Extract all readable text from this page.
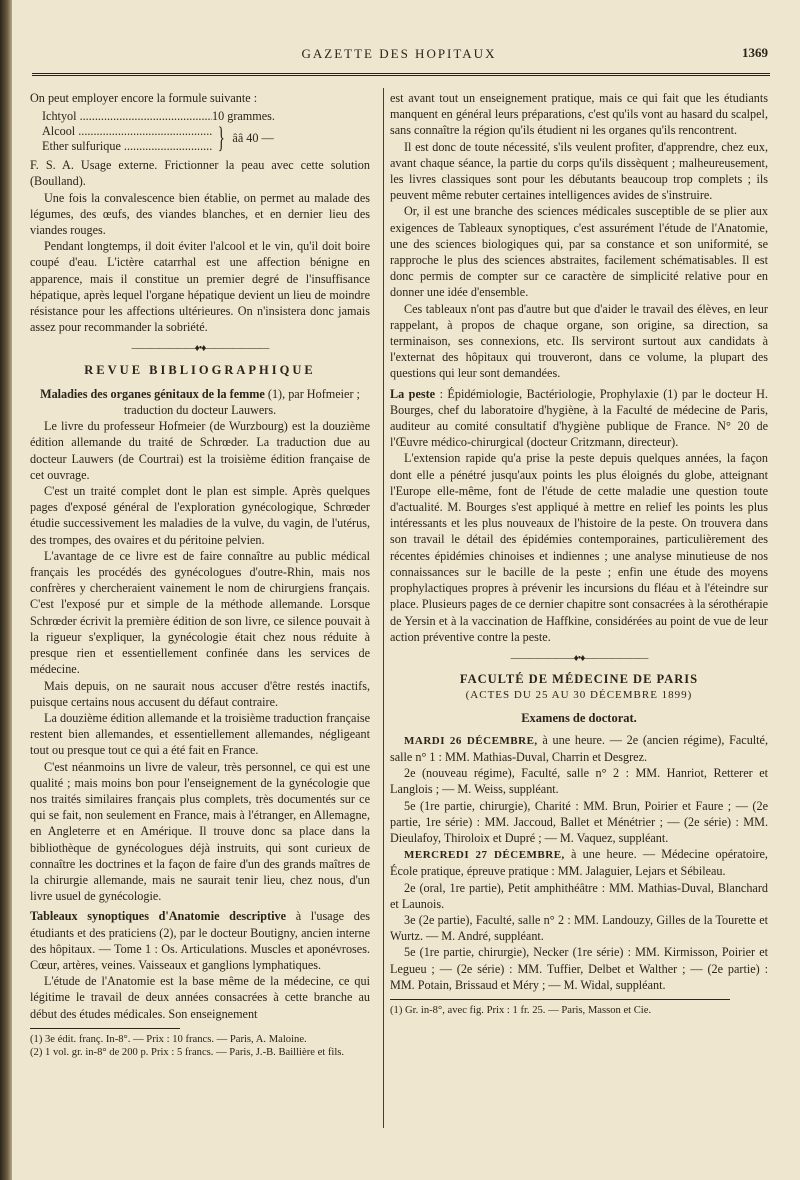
GAZETTE DES HOPITAUX	1369

On peut employer encore la formule suivante :

Ichtyol .....	10 grammes.
Alcool .....
Ether sulfurique .....	} ââ 40 —

F. S. A. Usage externe. Frictionner la peau avec cette solution (Boulland).

Une fois la convalescence bien établie, on permet au malade des légumes, des œufs, des viandes blanches, et en dernier lieu des viandes rouges.

Pendant longtemps, il doit éviter l'alcool et le vin, qu'il doit boire coupé d'eau. L'ictère catarrhal est une affection bénigne en apparence, mais il constitue un premier degré de l'insuffisance hépatique, après lequel l'organe hépatique devient un lieu de moindre résistance pour les affections ultérieures. On n'insistera donc jamais assez pour recommander la sobriété.

———————♦•♦———————
REVUE BIBLIOGRAPHIQUE

Maladies des organes génitaux de la femme (1), par Hofmeier ; traduction du docteur Lauwers.

Le livre du professeur Hofmeier (de Wurzbourg) est la douzième édition allemande du traité de Schrœder. La traduction due au docteur Lauwers (de Courtrai) est la troisième édition française de cet ouvrage.

C'est un traité complet dont le plan est simple. Après quelques pages d'exposé général de l'exploration gynécologique, Schrœder étudie successivement les maladies de la vulve, du vagin, de l'utérus, des trompes, des ovaires et du péritoine pelvien.

L'avantage de ce livre est de faire connaître au public médical français les procédés des gynécologues d'outre-Rhin, mais nos confrères y chercheraient vainement le nom de chirurgiens français. C'est l'exposé pur et simple de la méthode allemande. Lorsque Schrœder écrivit la première édition de son livre, ce silence pouvait à la rigueur s'expliquer, la gynécologie était chez nous réduite à presque rien et essentiellement confinée dans les services de médecine.

Mais depuis, on ne saurait nous accuser d'être restés inactifs, puisque certains nous accusent du défaut contraire.

La douzième édition allemande et la troisième traduction française restent bien allemandes, et essentiellement allemandes, négligeant tout ou presque tout ce qui a été fait en France.

C'est néanmoins un livre de valeur, très personnel, ce qui est une qualité ; mais moins bon pour l'enseignement de la gynécologie que nos traités similaires français plus complets, très documentés sur ce qui se fait, non seulement en France, mais à l'étranger, en Allemagne, en Angleterre et en Amérique. Il trouve donc sa place dans la bibliothèque de gynécologues déjà instruits, qui sont curieux de connaître les doctrines et la façon de faire d'un des grands maîtres de la chirurgie allemande, mais ne saurait tenir lieu, chez nous, d'un livre usuel de gynécologie.

Tableaux synoptiques d'Anatomie descriptive à l'usage des étudiants et des praticiens (2), par le docteur Boutigny, ancien interne des hôpitaux. — Tome 1 : Os. Articulations. Muscles et aponévroses. Cœur, artères, veines. Vaisseaux et ganglions lymphatiques.

L'étude de l'Anatomie est la base même de la médecine, ce qui légitime le travail de deux années consacrées à cette branche au début des études médicales. Son enseignement

(1) 3e édit. franç. In-8°. — Prix : 10 francs. — Paris, A. Maloine.

(2) 1 vol. gr. in-8° de 200 p. Prix : 5 francs. — Paris, J.-B. Baillière et fils.

est avant tout un enseignement pratique, mais ce qui fait que les étudiants manquent en général leurs préparations, c'est qu'ils vont au hasard du scalpel, sans connaître la région qu'ils étudient ni les organes qu'ils rencontrent.

Il est donc de toute nécessité, s'ils veulent profiter, d'apprendre, chez eux, avant chaque séance, la partie du corps qu'ils dissèquent ; malheureusement, les livres classiques sont pour les débutants beaucoup trop complets ; ils peuvent même rebuter certaines intelligences avides de s'instruire.

Or, il est une branche des sciences médicales susceptible de se plier aux exigences de Tableaux synoptiques, c'est assurément l'étude de l'Anatomie, une des sciences biologiques qui, par sa constance et son uniformité, se rapproche le plus des sciences abstraites, facilement schématisables. Il est donc permis de compter sur ce caractère de simplicité relative pour en donner une idée d'ensemble.

Ces tableaux n'ont pas d'autre but que d'aider le travail des élèves, en leur rappelant, à propos de chaque organe, son origine, sa direction, sa terminaison, ses connexions, etc. Ils serviront surtout aux candidats à l'externat des hôpitaux qui trouveront, dans ce volume, la plupart des questions qui leur sont demandées.

La peste : Épidémiologie, Bactériologie, Prophylaxie (1) par le docteur H. Bourges, chef du laboratoire d'hygiène, à la Faculté de médecine de Paris, auditeur au comité consultatif d'hygiène publique de France. N° 20 de l'Œuvre médico-chirurgical (docteur Critzmann, directeur).

L'extension rapide qu'a prise la peste depuis quelques années, la façon dont elle a pénétré jusqu'aux points les plus éloignés du globe, atteignant l'Europe elle-même, font de l'étude de cette maladie une question toute d'actualité. M. Bourges s'est appliqué à mettre en relief les points les plus intéressants et les plus nouveaux de l'histoire de la peste. On trouvera dans son travail le détail des épidémies contemporaines, particulièrement des récentes épidémies chinoises et indiennes ; une analyse minutieuse de nos connaissances sur le bacille de la peste ; enfin une étude des moyens prophylactiques propres à prévenir les incursions du fléau et à l'éteindre sur place. Plusieurs pages de ce dernier chapitre sont consacrées à la sérothérapie de Yersin et à la vaccination de Haffkine, considérées au point de vue de leur action préventive contre la peste.

———————♦•♦———————
FACULTÉ DE MÉDECINE DE PARIS
(ACTES DU 25 AU 30 DÉCEMBRE 1899)
Examens de doctorat.

MARDI 26 DÉCEMBRE, à une heure. — 2e (ancien régime), Faculté, salle n° 1 : MM. Mathias-Duval, Charrin et Desgrez.

2e (nouveau régime), Faculté, salle n° 2 : MM. Hanriot, Retterer et Langlois ; — M. Weiss, suppléant.

5e (1re partie, chirurgie), Charité : MM. Brun, Poirier et Faure ; — (2e partie, 1re série) : MM. Jaccoud, Ballet et Ménétrier ; — (2e série) : MM. Dieulafoy, Thiroloix et Dupré ; — M. Vaquez, suppléant.

MERCREDI 27 DÉCEMBRE, à une heure. — Médecine opératoire, École pratique, épreuve pratique : MM. Jalaguier, Lejars et Sébileau.

2e (oral, 1re partie), Petit amphithéâtre : MM. Mathias-Duval, Blanchard et Launois.

3e (2e partie), Faculté, salle n° 2 : MM. Landouzy, Gilles de la Tourette et Wurtz. — M. André, suppléant.

5e (1re partie, chirurgie), Necker (1re série) : MM. Kirmisson, Poirier et Legueu ; — (2e série) : MM. Tuffier, Delbet et Walther ; — (2e partie) : MM. Potain, Brissaud et Méry ; — M. Widal, suppléant.

(1) Gr. in-8°, avec fig. Prix : 1 fr. 25. — Paris, Masson et Cie.
